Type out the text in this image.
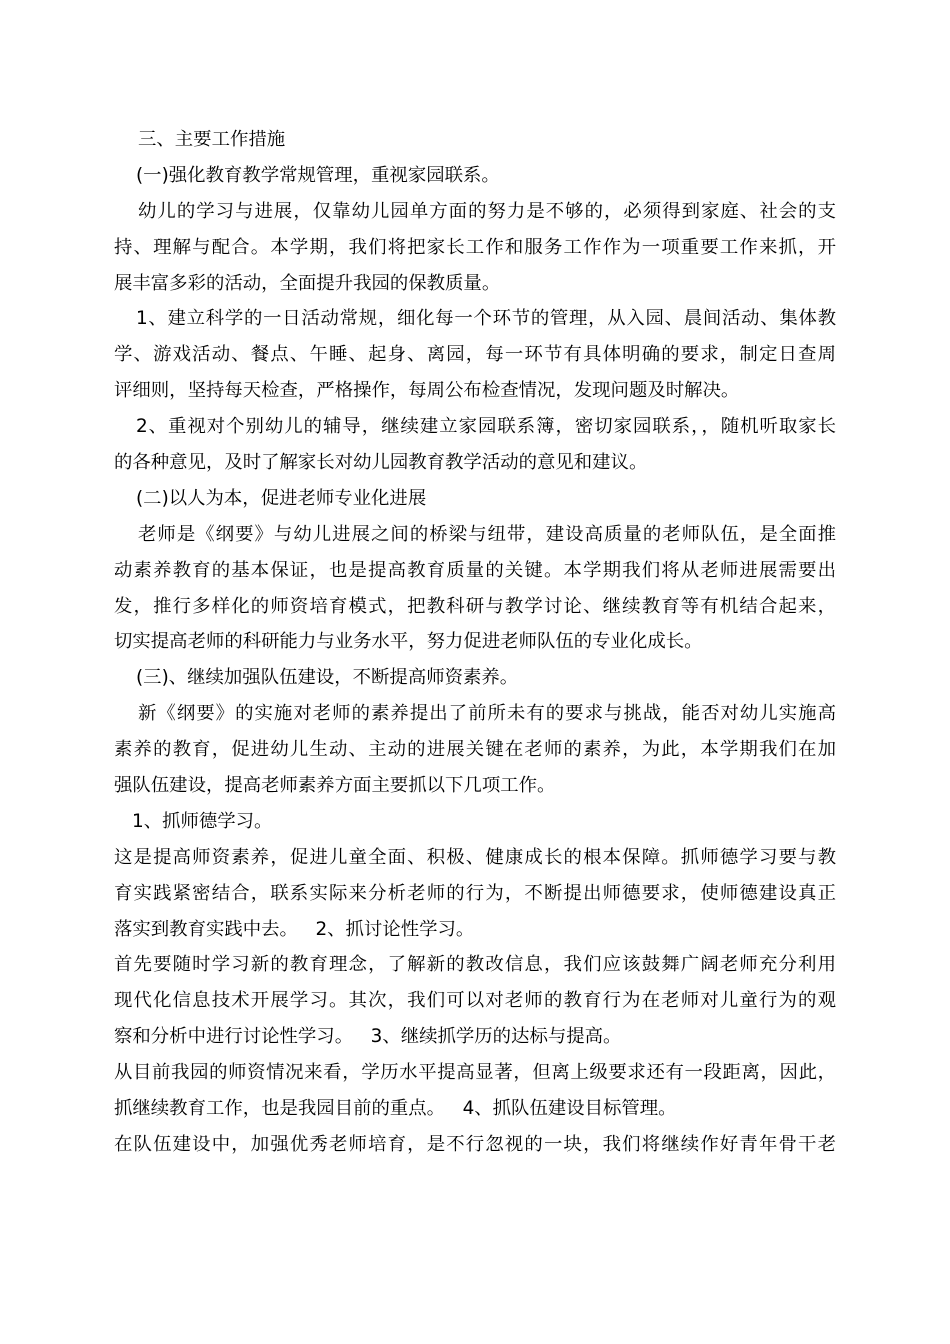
三、主要工作措施
(一)强化教育教学常规管理，重视家园联系。
幼儿的学习与进展，仅靠幼儿园单方面的努力是不够的，必须得到家庭、社会的支
持、理解与配合。本学期，我们将把家长工作和服务工作作为一项重要工作来抓，开
展丰富多彩的活动，全面提升我园的保教质量。
1、建立科学的一日活动常规，细化每一个环节的管理，从入园、晨间活动、集体教
学、游戏活动、餐点、午睡、起身、离园，每一环节有具体明确的要求，制定日查周
评细则，坚持每天检查，严格操作，每周公布检查情况，发现问题及时解决。
2、重视对个别幼儿的辅导，继续建立家园联系簿，密切家园联系，，随机听取家长
的各种意见，及时了解家长对幼儿园教育教学活动的意见和建议。
(二)以人为本，促进老师专业化进展
老师是《纲要》与幼儿进展之间的桥梁与纽带，建设高质量的老师队伍，是全面推
动素养教育的基本保证，也是提高教育质量的关键。本学期我们将从老师进展需要出
发，推行多样化的师资培育模式，把教科研与教学讨论、继续教育等有机结合起来，
切实提高老师的科研能力与业务水平，努力促进老师队伍的专业化成长。
(三)、继续加强队伍建设，不断提高师资素养。
新《纲要》的实施对老师的素养提出了前所未有的要求与挑战，能否对幼儿实施高
素养的教育，促进幼儿生动、主动的进展关键在老师的素养，为此，本学期我们在加
强队伍建设，提高老师素养方面主要抓以下几项工作。
1、抓师德学习。
这是提高师资素养，促进儿童全面、积极、健康成长的根本保障。抓师德学习要与教
育实践紧密结合，联系实际来分析老师的行为，不断提出师德要求，使师德建设真正
落实到教育实践中去。   2、抓讨论性学习。
首先要随时学习新的教育理念，了解新的教改信息，我们应该鼓舞广阔老师充分利用
现代化信息技术开展学习。其次，我们可以对老师的教育行为在老师对儿童行为的观
察和分析中进行讨论性学习。   3、继续抓学历的达标与提高。
从目前我园的师资情况来看，学历水平提高显著，但离上级要求还有一段距离，因此，
抓继续教育工作，也是我园目前的重点。   4、抓队伍建设目标管理。
在队伍建设中，加强优秀老师培育，是不行忽视的一块，我们将继续作好青年骨干老
